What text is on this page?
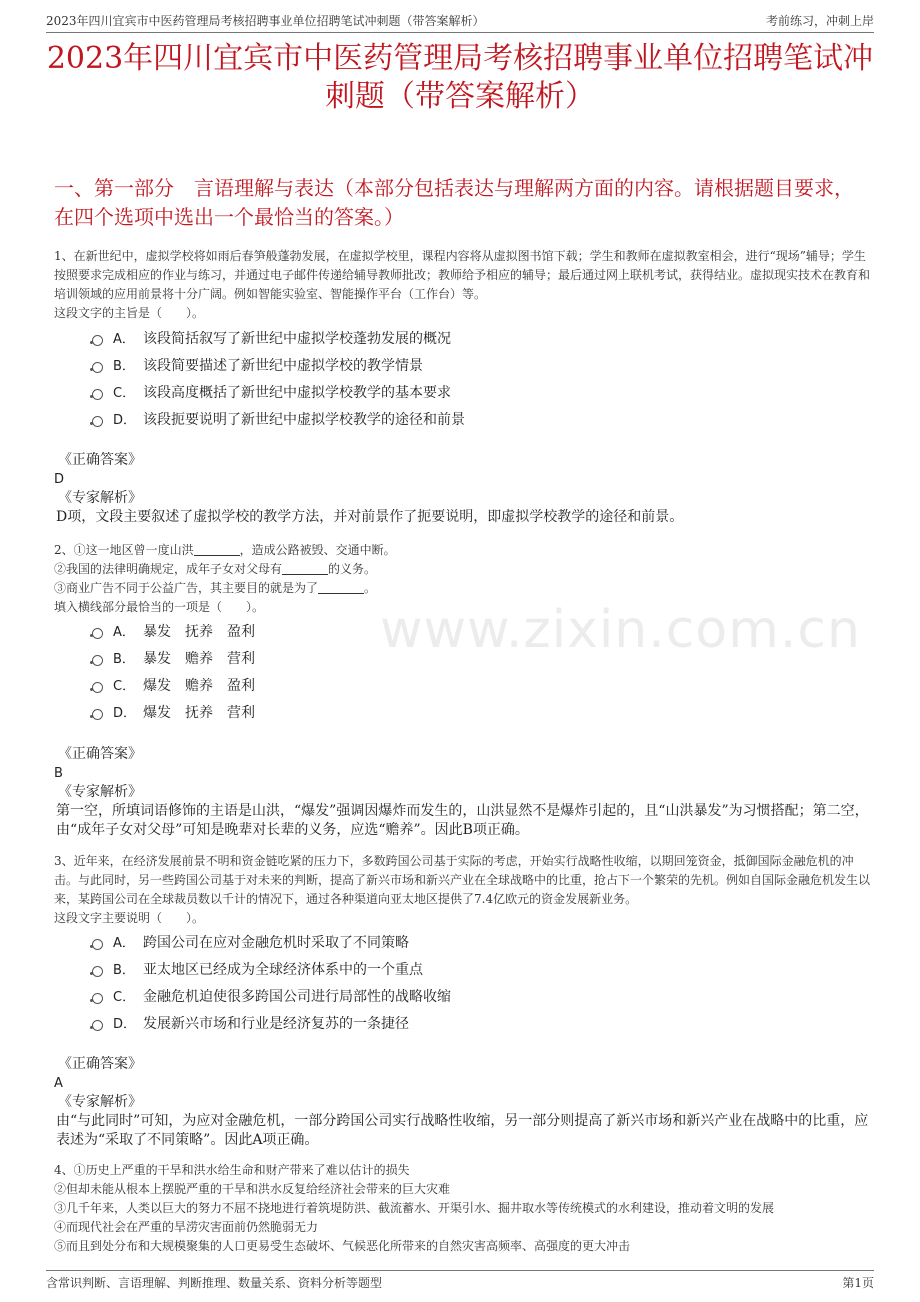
2023年四川宜宾市中医药管理局考核招聘事业单位招聘笔试冲刺题（带答案解析）	考前练习，冲刺上岸
2023年四川宜宾市中医药管理局考核招聘事业单位招聘笔试冲刺题（带答案解析）
一、第一部分　言语理解与表达（本部分包括表达与理解两方面的内容。请根据题目要求，在四个选项中选出一个最恰当的答案。）
www.zixin.com.cn
1、在新世纪中，虚拟学校将如雨后春笋般蓬勃发展，在虚拟学校里，课程内容将从虚拟图书馆下载；学生和教师在虚拟教室相会，进行“现场”辅导；学生按照要求完成相应的作业与练习，并通过电子邮件传递给辅导教师批改；教师给予相应的辅导；最后通过网上联机考试，获得结业。虚拟现实技术在教育和培训领域的应用前景将十分广阔。例如智能实验室、智能操作平台（工作台）等。
这段文字的主旨是（　　）。
A． 该段简括叙写了新世纪中虚拟学校蓬勃发展的概况
B． 该段简要描述了新世纪中虚拟学校的教学情景
C． 该段高度概括了新世纪中虚拟学校教学的基本要求
D． 该段扼要说明了新世纪中虚拟学校教学的途径和前景
《正确答案》
D
《专家解析》
D项，文段主要叙述了虚拟学校的教学方法，并对前景作了扼要说明，即虚拟学校教学的途径和前景。
2、①这一地区曾一度山洪	，造成公路被毁、交通中断。
②我国的法律明确规定，成年子女对父母有	的义务。
③商业广告不同于公益广告，其主要目的就是为了	。
填入横线部分最恰当的一项是（　　）。
A． 暴发　抚养　盈利
B． 暴发　赡养　营利
C． 爆发　赡养　盈利
D． 爆发　抚养　营利
《正确答案》
B
《专家解析》
第一空，所填词语修饰的主语是山洪，“爆发”强调因爆炸而发生的，山洪显然不是爆炸引起的，且“山洪暴发”为习惯搭配；第二空，由“成年子女对父母”可知是晚辈对长辈的义务，应选“赡养”。因此B项正确。
3、近年来，在经济发展前景不明和资金链吃紧的压力下，多数跨国公司基于实际的考虑，开始实行战略性收缩，以期回笼资金，抵御国际金融危机的冲击。与此同时，另一些跨国公司基于对未来的判断，提高了新兴市场和新兴产业在全球战略中的比重，抢占下一个繁荣的先机。例如自国际金融危机发生以来，某跨国公司在全球裁员数以千计的情况下，通过各种渠道向亚太地区提供了7.4亿欧元的资金发展新业务。
这段文字主要说明（　　）。
A． 跨国公司在应对金融危机时采取了不同策略
B． 亚太地区已经成为全球经济体系中的一个重点
C． 金融危机迫使很多跨国公司进行局部性的战略收缩
D． 发展新兴市场和行业是经济复苏的一条捷径
《正确答案》
A
《专家解析》
由“与此同时”可知，为应对金融危机，一部分跨国公司实行战略性收缩，另一部分则提高了新兴市场和新兴产业在战略中的比重，应表述为“采取了不同策略”。因此A项正确。
4、①历史上严重的干旱和洪水给生命和财产带来了难以估计的损失
②但却未能从根本上摆脱严重的干旱和洪水反复给经济社会带来的巨大灾难
③几千年来，人类以巨大的努力不屈不挠地进行着筑堤防洪、截流蓄水、开渠引水、掘井取水等传统模式的水利建设，推动着文明的发展
④而现代社会在严重的旱涝灾害面前仍然脆弱无力
⑤而且到处分布和大规模聚集的人口更易受生态破坏、气候恶化所带来的自然灾害高频率、高强度的更大冲击
含常识判断、言语理解、判断推理、数量关系、资料分析等题型	第1页
